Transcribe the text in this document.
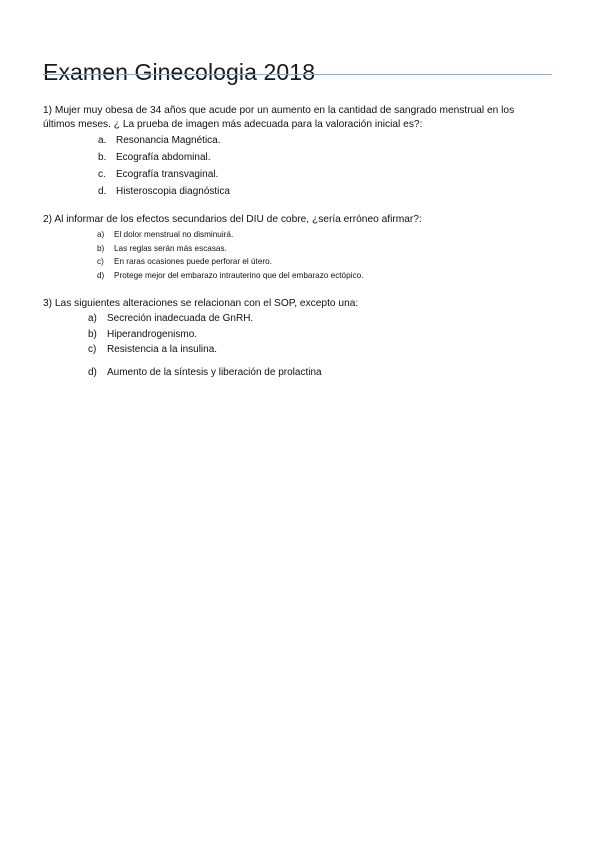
Examen Ginecologia 2018

1) Mujer muy obesa de 34 años que acude por un aumento en la cantidad de sangrado menstrual en los últimos meses. ¿ La prueba de imagen más adecuada para la valoración inicial es?:

a. Resonancia Magnética.
b. Ecografía abdominal.
c. Ecografía transvaginal.
d. Histeroscopia diagnóstica

2) Al informar de los efectos secundarios del DIU de cobre, ¿sería erróneo afirmar?:

a) El dolor menstrual no disminuirá.
b) Las reglas serán más escasas.
c) En raras ocasiones puede perforar el útero.
d) Protege mejor del embarazo intrauterino que del embarazo ectópico.

3) Las siguientes alteraciones se relacionan con el SOP, excepto una:

a) Secreción inadecuada de GnRH.
b) Hiperandrogenismo.
c) Resistencia a la insulina.
d) Aumento de la síntesis y liberación de prolactina
